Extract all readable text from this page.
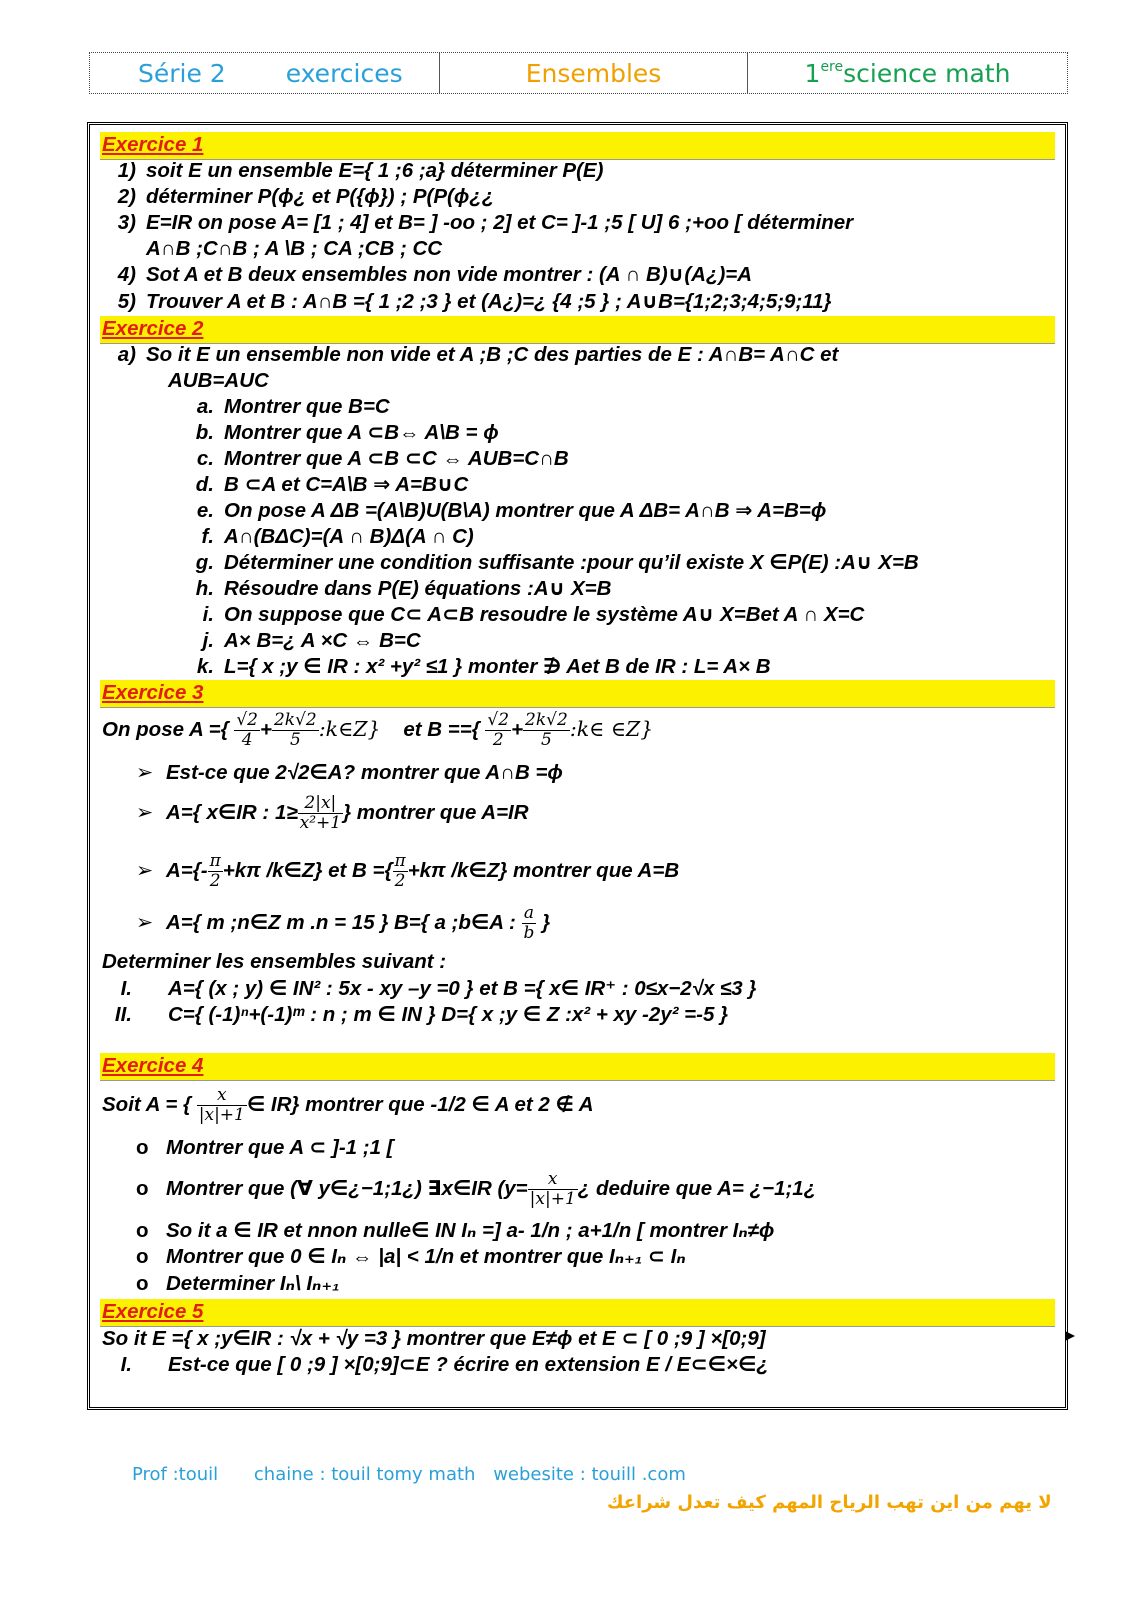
Série 2 exercices	Ensembles	1ere science math
Exercice 1
1) soit E un ensemble E={ 1 ;6 ;a} déterminer P(E)
2) déterminer P(ϕ¿ et P({ϕ}) ; P(P(ϕ¿¿
3) E=IR on pose A= [1 ; 4] et B= ] -oo ; 2] et C= ]-1 ;5 [ U] 6 ;+oo [ déterminer
A∩B ;C∩B ; A \B ; CA ;CB ; CC
4) Sot A et B deux ensembles non vide montrer : (A ∩ B)∪(A¿)=A
5) Trouver A et B : A∩B ={ 1 ;2 ;3 } et (A¿)=¿ {4 ;5 } ; A∪B={1;2;3;4;5;9;11}
Exercice 2
a) So it E un ensemble non vide et A ;B ;C des parties de E : A∩B= A∩C et
AUB=AUC
a. Montrer que B=C
b. Montrer que A ⊂B⇔ A\B = ϕ
c. Montrer que A ⊂B ⊂C ⇔ AUB=C∩B
d. B ⊂A et C=A\B ⇒ A=B∪C
e. On pose A ΔB =(A\B)U(B\A) montrer que A ΔB= A∩B ⇒ A=B=ϕ
f. A∩(BΔC)=(A ∩ B)Δ(A ∩ C)
g. Déterminer une condition suffisante :pour qu’il existe X ∈P(E) :A∪ X=B
h. Résoudre dans P(E) équations :A∪ X=B
i. On suppose que C⊂ A⊂B resoudre le système A∪ X=Bet A ∩ X=C
j. A× B=¿ A ×C ⇔ B=C
k. L={ x ;y ∈ IR : x² +y² ≤1 } monter ∌ Aet B de IR : L= A× B
Exercice 3
On pose A ={ $\frac{√2}{4} + \frac{2k√2}{5}$ :k∈Z} et B =={ $\frac{√2}{2} + \frac{2k√2}{5}$ :k∈ ∈Z}
➢ Est-ce que 2√2∈A? montrer que A∩B =ϕ
➢ A={ x∈IR : $1\ge \frac{2|x|}{\text{x²+1}}$ } montrer que A=IR
➢ $A=\{- \frac{\pi}{2} +k\pi$ /k∈Z} et B ={ $\frac{\pi}{2} +k\pi$ /k∈Z} montrer que A=B
➢ A={ m ;n∈Z m .n = 15 } B={ a ;b∈A : $\frac{a}{b}$ }
Determiner les ensembles suivant :
I. A={ (x ; y) ∈ IN² : 5x - xy –y =0 } et B ={ x∈ IR⁺ : 0≤x−2√x ≤3 }
II. C={ (-1)ⁿ+(-1)ᵐ : n ; m ∈ IN } D={ x ;y ∈ Z :x² + xy -2y² =-5 }
Exercice 4
Soit A = { $\frac{x}{|x|+1}$ ∈ IR} montrer que -1/2 ∈ A et 2 ∉ A
o Montrer que A ⊂ ]-1 ;1 [
o Montrer que (∀ y∈¿−1;1¿) ∃x∈IR ($y= \frac{x}{|x|+1}$ ¿ deduire que A= ¿−1;1¿
o So it a ∈ IR et nnon nulle∈ IN Iₙ =] a- 1/n ; a+1/n [ montrer Iₙ≠ϕ
o Montrer que 0 ∈ Iₙ ⇔ |a| < 1/n et montrer que Iₙ₊₁ ⊂ Iₙ
o Determiner Iₙ\ Iₙ₊₁
Exercice 5
So it E ={ x ;y∈IR : √x + √y =3 } montrer que E≠ϕ et E ⊂ [ 0 ;9 ] ×[0;9]
I. Est-ce que [ 0 ;9 ] ×[0;9]⊂E ? écrire en extension E / E⊂∈×∈¿
Prof :touil chaine : touil tomy math webesite : touill .com
لا يهم من اين تهب الرياح المهم كيف تعدل شراعك
